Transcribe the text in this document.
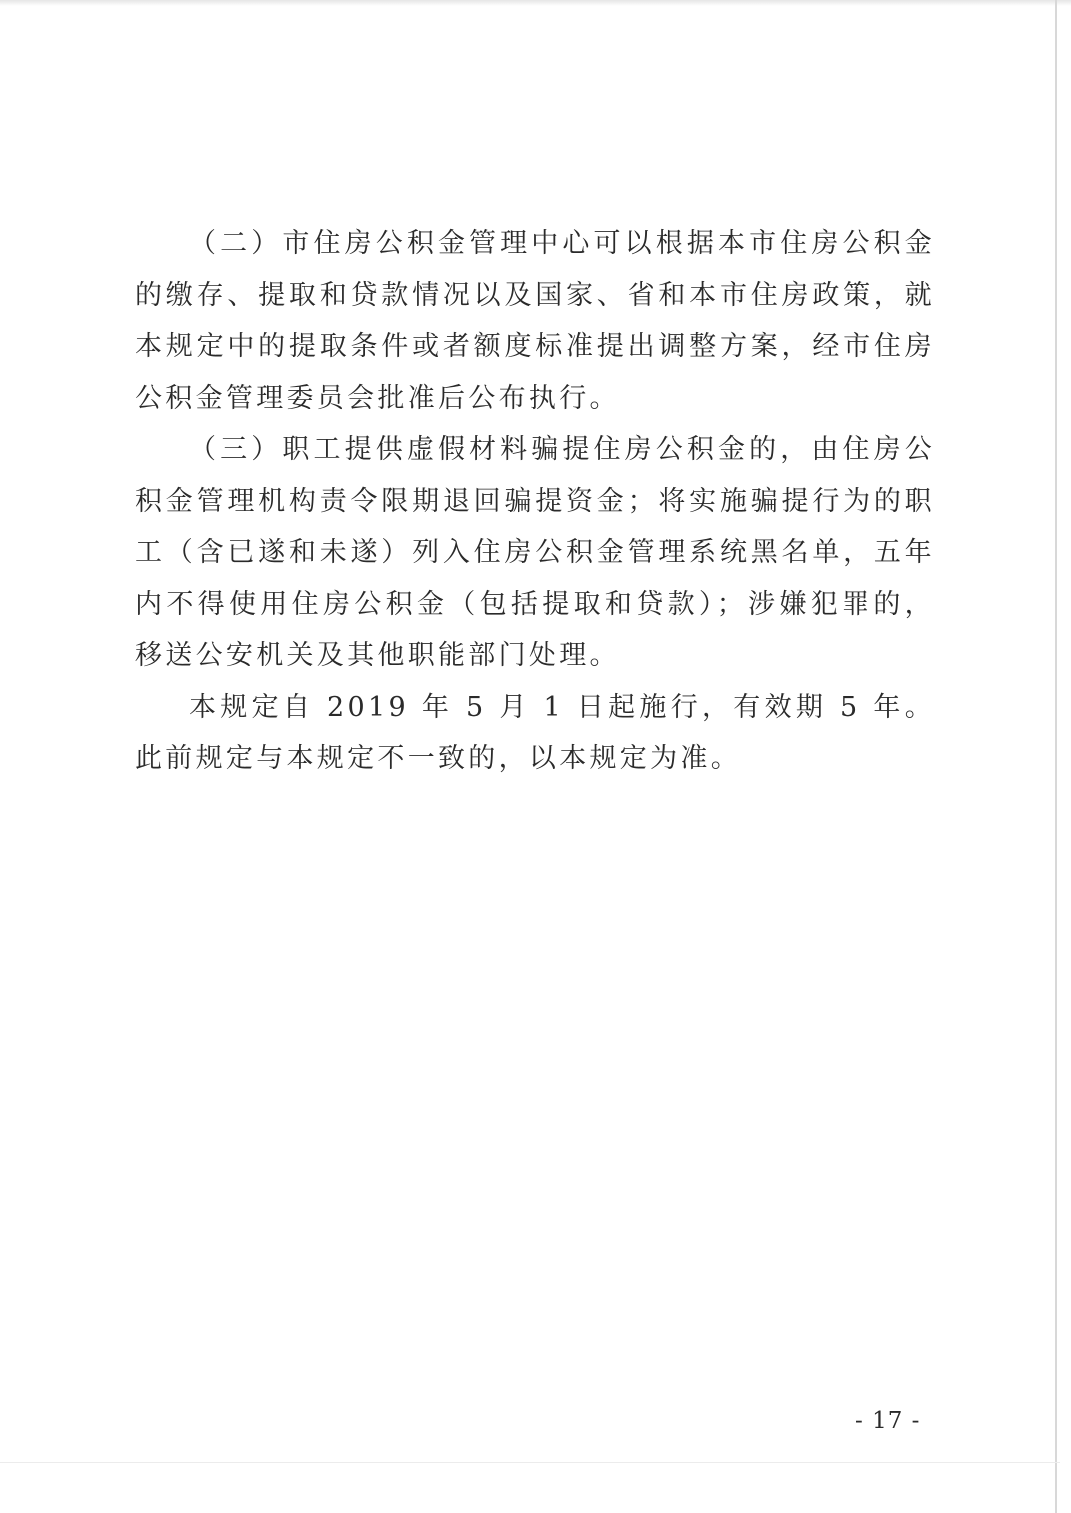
（二）市住房公积金管理中心可以根据本市住房公积金的缴存、提取和贷款情况以及国家、省和本市住房政策，就本规定中的提取条件或者额度标准提出调整方案，经市住房公积金管理委员会批准后公布执行。

（三）职工提供虚假材料骗提住房公积金的，由住房公积金管理机构责令限期退回骗提资金；将实施骗提行为的职工（含已遂和未遂）列入住房公积金管理系统黑名单，五年内不得使用住房公积金（包括提取和贷款）；涉嫌犯罪的，移送公安机关及其他职能部门处理。

本规定自 2019 年 5 月 1 日起施行，有效期 5 年。此前规定与本规定不一致的，以本规定为准。

- 17 -
